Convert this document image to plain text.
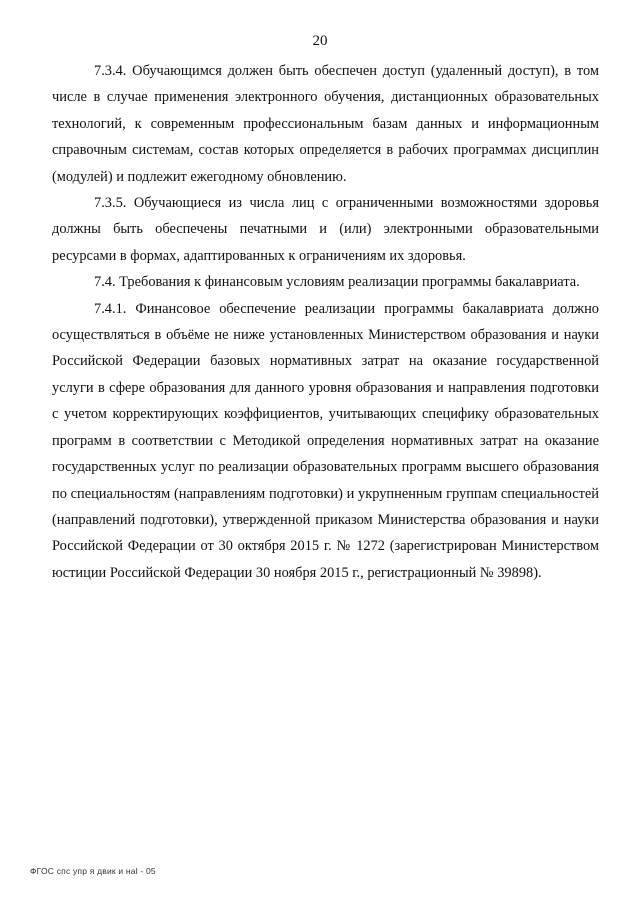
20

7.3.4. Обучающимся должен быть обеспечен доступ (удаленный доступ), в том числе в случае применения электронного обучения, дистанционных образовательных технологий, к современным профессиональным базам данных и информационным справочным системам, состав которых определяется в рабочих программах дисциплин (модулей) и подлежит ежегодному обновлению.

7.3.5. Обучающиеся из числа лиц с ограниченными возможностями здоровья должны быть обеспечены печатными и (или) электронными образовательными ресурсами в формах, адаптированных к ограничениям их здоровья.

7.4. Требования к финансовым условиям реализации программы бакалавриата.

7.4.1. Финансовое обеспечение реализации программы бакалавриата должно осуществляться в объёме не ниже установленных Министерством образования и науки Российской Федерации базовых нормативных затрат на оказание государственной услуги в сфере образования для данного уровня образования и направления подготовки с учетом корректирующих коэффициентов, учитывающих специфику образовательных программ в соответствии с Методикой определения нормативных затрат на оказание государственных услуг по реализации образовательных программ высшего образования по специальностям (направлениям подготовки) и укрупненным группам специальностей (направлений подготовки), утвержденной приказом Министерства образования и науки Российской Федерации от 30 октября 2015 г. № 1272 (зарегистрирован Министерством юстиции Российской Федерации 30 ноября 2015 г., регистрационный № 39898).

ФГОС спс упр я двик и наl - 05
